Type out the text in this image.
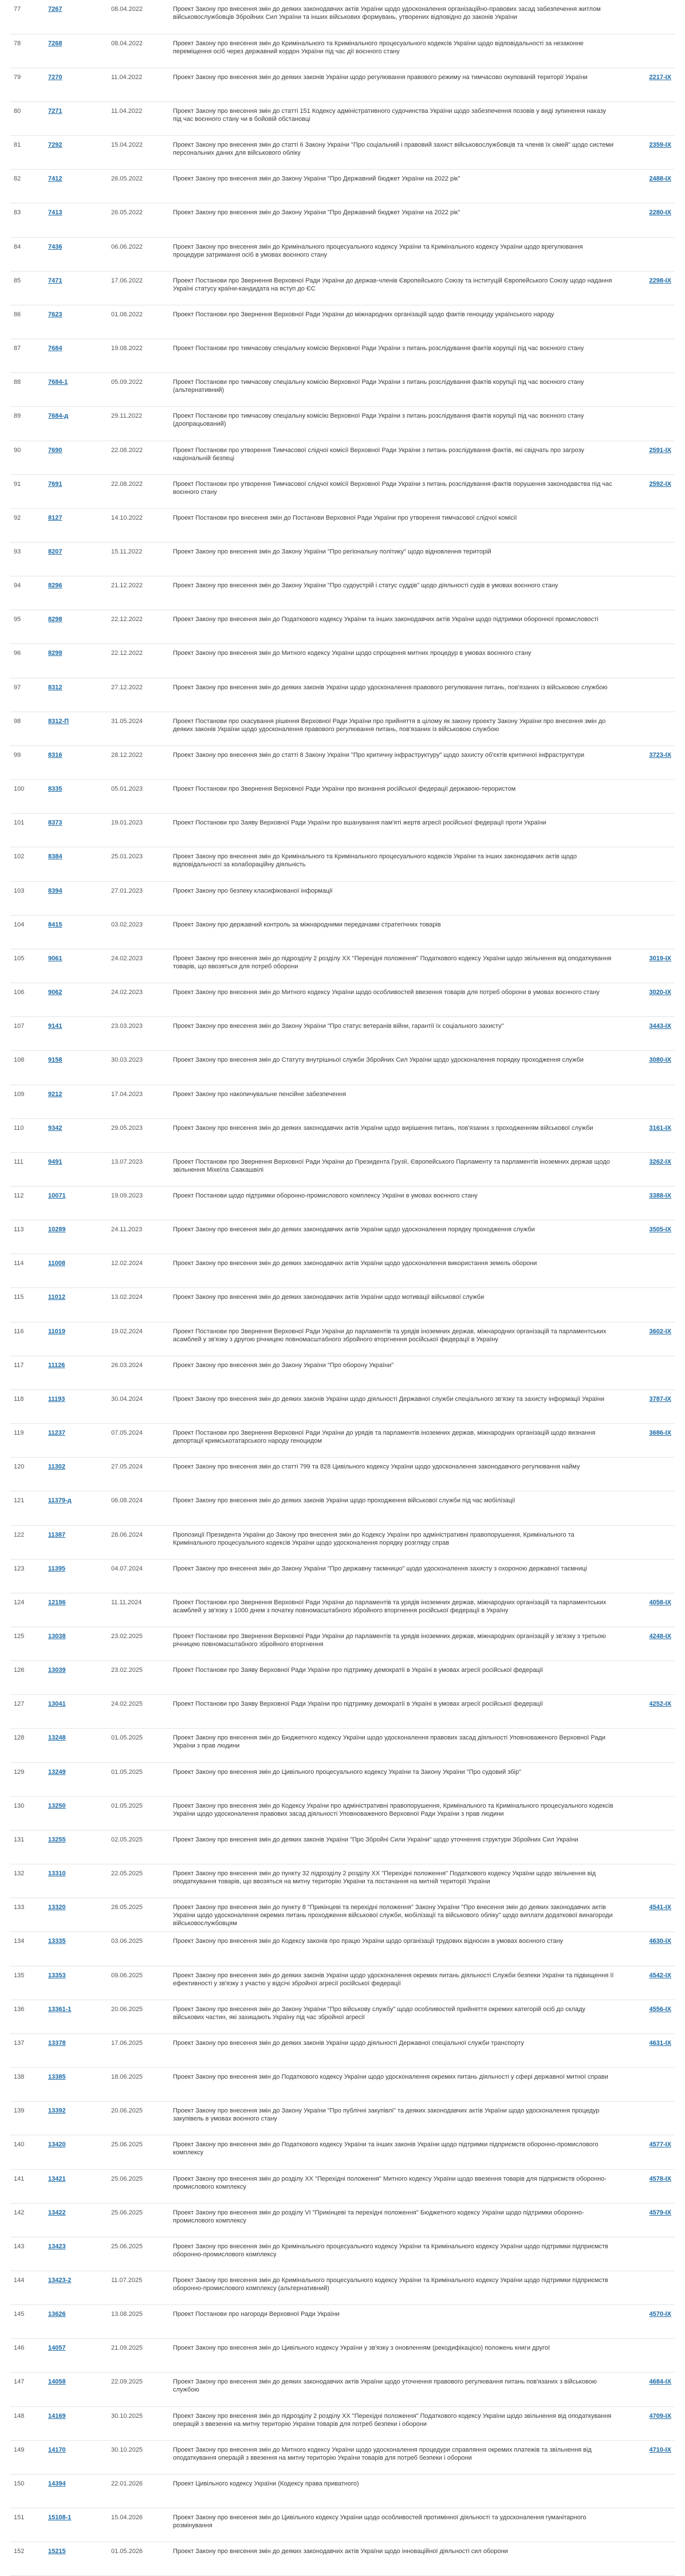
77	7267	08.04.2022	Проект Закону про внесення змін до деяких законодавчих актів України щодо удосконалення організаційно-правових засад забезпечення житлом військовослужбовців Збройних Сил України та інших військових формувань, утворених відповідно до законів України	
78	7268	08.04.2022	Проект Закону про внесення змін до Кримінального та Кримінального процесуального кодексів України щодо відповідальності за незаконне переміщення осіб через державний кордон України під час дії воєнного стану	
79	7270	11.04.2022	Проект Закону про внесення змін до деяких законів України щодо регулювання правового режиму на тимчасово окупованій території України	2217-IX
80	7271	11.04.2022	Проект Закону про внесення змін до статті 151 Кодексу адміністративного судочинства України щодо забезпечення позовів у виді зупинення наказу під час воєнного стану чи в бойовій обстановці	
81	7292	15.04.2022	Проект Закону про внесення змін до статті 6 Закону України "Про соціальний і правовий захист військовослужбовців та членів їх сімей" щодо системи персональних даних для військового обліку	2359-IX
82	7412	26.05.2022	Проект Закону про внесення змін до Закону України "Про Державний бюджет України на 2022 рік"	2488-IX
83	7413	26.05.2022	Проект Закону про внесення змін до Закону України "Про Державний бюджет України на 2022 рік"	2280-IX
84	7436	06.06.2022	Проект Закону про внесення змін до Кримінального процесуального кодексу України та Кримінального кодексу України щодо врегулювання процедури затримання осіб в умовах воєнного стану	
85	7471	17.06.2022	Проект Постанови про Звернення Верховної Ради України до держав-членів Європейського Союзу та інституцій Європейського Союзу щодо надання Україні статусу країни-кандидата на вступ до ЄС	2298-IX
86	7623	01.08.2022	Проект Постанови про Звернення Верховної Ради України до міжнародних організацій щодо фактів геноциду українського народу	
87	7684	19.08.2022	Проект Постанови про тимчасову спеціальну комісію Верховної Ради України з питань розслідування фактів корупції під час воєнного стану	
88	7684-1	05.09.2022	Проект Постанови про тимчасову спеціальну комісію Верховної Ради України з питань розслідування фактів корупції під час воєнного стану (альтернативний)	
89	7684-д	29.11.2022	Проект Постанови про тимчасову спеціальну комісію Верховної Ради України з питань розслідування фактів корупції під час воєнного стану (доопрацьований)	
90	7690	22.08.2022	Проект Постанови про утворення Тимчасової слідчої комісії Верховної Ради України з питань розслідування фактів, які свідчать про загрозу національній безпеці	2591-IX
91	7691	22.08.2022	Проект Постанови про утворення Тимчасової слідчої комісії Верховної Ради України з питань розслідування фактів порушення законодавства під час воєнного стану	2592-IX
92	8127	14.10.2022	Проект Постанови про внесення змін до Постанови Верховної Ради України про утворення тимчасової слідчої комісії	
93	8207	15.11.2022	Проект Закону про внесення змін до Закону України "Про регіональну політику" щодо відновлення територій	
94	8296	21.12.2022	Проект Закону про внесення змін до Закону України "Про судоустрій і статус суддів" щодо діяльності судів в умовах воєнного стану	
95	8298	22.12.2022	Проект Закону про внесення змін до Податкового кодексу України та інших законодавчих актів України щодо підтримки оборонної промисловості	
96	8299	22.12.2022	Проект Закону про внесення змін до Митного кодексу України щодо спрощення митних процедур в умовах воєнного стану	
97	8312	27.12.2022	Проект Закону про внесення змін до деяких законів України щодо удосконалення правового регулювання питань, пов'язаних із військовою службою	
98	8312-П	31.05.2024	Проект Постанови про скасування рішення Верховної Ради України про прийняття в цілому як закону проекту Закону України про внесення змін до деяких законів України щодо удосконалення правового регулювання питань, пов'язаних із військовою службою	
99	8316	28.12.2022	Проект Закону про внесення змін до статті 8 Закону України "Про критичну інфраструктуру" щодо захисту об'єктів критичної інфраструктури	3723-IX
100	8335	05.01.2023	Проект Постанови про Звернення Верховної Ради України про визнання російської федерації державою-терористом	
101	8373	19.01.2023	Проект Постанови про Заяву Верховної Ради України про вшанування пам'яті жертв агресії російської федерації проти України	
102	8384	25.01.2023	Проект Закону про внесення змін до Кримінального та Кримінального процесуального кодексів України та інших законодавчих актів щодо відповідальності за колабораційну діяльність	
103	8394	27.01.2023	Проект Закону про безпеку класифікованої інформації	
104	8415	03.02.2023	Проект Закону про державний контроль за міжнародними передачами стратегічних товарів	
105	9061	24.02.2023	Проект Закону про внесення змін до підрозділу 2 розділу XX "Перехідні положення" Податкового кодексу України щодо звільнення від оподаткування товарів, що ввозяться для потреб оборони	3019-IX
106	9062	24.02.2023	Проект Закону про внесення змін до Митного кодексу України щодо особливостей ввезення товарів для потреб оборони в умовах воєнного стану	3020-IX
107	9141	23.03.2023	Проект Закону про внесення змін до Закону України "Про статус ветеранів війни, гарантії їх соціального захисту"	3443-IX
108	9158	30.03.2023	Проект Закону про внесення змін до Статуту внутрішньої служби Збройних Сил України щодо удосконалення порядку проходження служби	3080-IX
109	9212	17.04.2023	Проект Закону про накопичувальне пенсійне забезпечення	
110	9342	29.05.2023	Проект Закону про внесення змін до деяких законодавчих актів України щодо вирішення питань, пов'язаних з проходженням військової служби	3161-IX
111	9491	13.07.2023	Проект Постанови про Звернення Верховної Ради України до Президента Грузії, Європейського Парламенту та парламентів іноземних держав щодо звільнення Міхеїла Саакашвілі	3262-IX
112	10071	19.09.2023	Проект Постанови щодо підтримки оборонно-промислового комплексу України в умовах воєнного стану	3388-IX
113	10289	24.11.2023	Проект Закону про внесення змін до деяких законодавчих актів України щодо удосконалення порядку проходження служби	3505-IX
114	11008	12.02.2024	Проект Закону про внесення змін до деяких законодавчих актів України щодо удосконалення використання земель оборони	
115	11012	13.02.2024	Проект Закону про внесення змін до деяких законодавчих актів України щодо мотивації військової служби	
116	11019	19.02.2024	Проект Постанови про Звернення Верховної Ради України до парламентів та урядів іноземних держав, міжнародних організацій та парламентських асамблей у зв'язку з другою річницею повномасштабного збройного вторгнення російської федерації в Україну	3602-IX
117	11126	26.03.2024	Проект Закону про внесення змін до Закону України "Про оборону України"	
118	11193	30.04.2024	Проект Закону про внесення змін до деяких законів України щодо діяльності Державної служби спеціального зв'язку та захисту інформації України	3787-IX
119	11237	07.05.2024	Проект Постанови про Звернення Верховної Ради України до урядів та парламентів іноземних держав, міжнародних організацій щодо визнання депортації кримськотатарського народу геноцидом	3686-IX
120	11302	27.05.2024	Проект Закону про внесення змін до статті 799 та 828 Цивільного кодексу України щодо удосконалення законодавчого регулювання найму	
121	11379-д	06.08.2024	Проект Закону про внесення змін до деяких законів України щодо проходження військової служби під час мобілізації	
122	11387	28.06.2024	Пропозиції Президента України до Закону про внесення змін до Кодексу України про адміністративні правопорушення, Кримінального та Кримінального процесуального кодексів України щодо удосконалення порядку розгляду справ	
123	11395	04.07.2024	Проект Закону про внесення змін до Закону України "Про державну таємницю" щодо удосконалення захисту з охороною державної таємниці	
124	12196	11.11.2024	Проект Постанови про Звернення Верховної Ради України до парламентів та урядів іноземних держав, міжнародних організацій та парламентських асамблей у зв'язку з 1000 днем з початку повномасштабного збройного вторгнення російської федерації в Україну	4058-IX
125	13038	23.02.2025	Проект Постанови про Звернення Верховної Ради України до парламентів та урядів іноземних держав, міжнародних організацій у зв'язку з третьою річницею повномасштабного збройного вторгнення	4248-IX
126	13039	23.02.2025	Проект Постанови про Заяву Верховної Ради України про підтримку демократії в Україні в умовах агресії російської федерації	
127	13041	24.02.2025	Проект Постанови про Заяву Верховної Ради України про підтримку демократії в Україні в умовах агресії російської федерації	4252-IX
128	13248	01.05.2025	Проект Закону про внесення змін до Бюджетного кодексу України щодо удосконалення правових засад діяльності Уповноваженого Верховної Ради України з прав людини	
129	13249	01.05.2025	Проект Закону про внесення змін до Цивільного процесуального кодексу України та Закону України "Про судовий збір"	
130	13250	01.05.2025	Проект Закону про внесення змін до Кодексу України про адміністративні правопорушення, Кримінального та Кримінального процесуального кодексів України щодо удосконалення правових засад діяльності Уповноваженого Верховної Ради України з прав людини	
131	13255	02.05.2025	Проект Закону про внесення змін до деяких законів України "Про Збройні Сили України" щодо уточнення структури Збройних Сил України	
132	13310	22.05.2025	Проект Закону про внесення змін до пункту 32 підрозділу 2 розділу XX "Перехідні положення" Податкового кодексу України щодо звільнення від оподаткування товарів, що ввозяться на митну територію України та постачання на митній території України	
133	13320	28.05.2025	Проект Закону про внесення змін до пункту 8 "Прикінцеві та перехідні положення" Закону України "Про внесення змін до деяких законодавчих актів України щодо удосконалення окремих питань проходження військової служби, мобілізації та військового обліку" щодо виплати додаткової винагороди військовослужбовцям	4541-IX
134	13335	03.06.2025	Проект Закону про внесення змін до Кодексу законів про працю України щодо організації трудових відносин в умовах воєнного стану	4630-IX
135	13353	09.06.2025	Проект Закону про внесення змін до деяких законів України щодо удосконалення окремих питань діяльності Служби безпеки України та підвищення її ефективності у зв'язку з участю у відсічі збройної агресії російської федерації	4542-IX
136	13361-1	20.06.2025	Проект Закону про внесення змін до Закону України "Про військову службу" щодо особливостей прийняття окремих категорій осіб до складу військових частин, які захищають Україну під час збройної агресії	4556-IX
137	13378	17.06.2025	Проект Закону про внесення змін до деяких законів України щодо діяльності Державної спеціальної служби транспорту	4631-IX
138	13385	18.06.2025	Проект Закону про внесення змін до Податкового кодексу України щодо удосконалення окремих питань діяльності у сфері державної митної справи	
139	13392	20.06.2025	Проект Закону про внесення змін до Закону України "Про публічні закупівлі" та деяких законодавчих актів України щодо удосконалення процедур закупівель в умовах воєнного стану	
140	13420	25.06.2025	Проект Закону про внесення змін до Податкового кодексу України та інших законів України щодо підтримки підприємств оборонно-промислового комплексу	4577-IX
141	13421	25.06.2025	Проект Закону про внесення змін до розділу XX "Перехідні положення" Митного кодексу України щодо ввезення товарів для підприємств оборонно-промислового комплексу	4578-IX
142	13422	25.06.2025	Проект Закону про внесення змін до розділу VI "Прикінцеві та перехідні положення" Бюджетного кодексу України щодо підтримки оборонно-промислового комплексу	4579-IX
143	13423	25.06.2025	Проект Закону про внесення змін до Кримінального процесуального кодексу України та Кримінального кодексу України щодо підтримки підприємств оборонно-промислового комплексу	
144	13423-2	11.07.2025	Проект Закону про внесення змін до Кримінального процесуального кодексу України та Кримінального кодексу України щодо підтримки підприємств оборонно-промислового комплексу (альтернативний)	
145	13626	13.08.2025	Проект Постанови про нагороди Верховної Ради України	4570-IX
146	14057	21.09.2025	Проект Закону про внесення змін до Цивільного кодексу України у зв'язку з оновленням (рекодифікацією) положень книги другої	
147	14058	22.09.2025	Проект Закону про внесення змін до деяких законодавчих актів України щодо уточнення правового регулювання питань пов'язаних з військовою службою	4684-IX
148	14169	30.10.2025	Проект Закону про внесення змін до підрозділу 2 розділу XX "Перехідні положення" Податкового кодексу України щодо звільнення від оподаткування операцій з ввезення на митну територію України товарів для потреб безпеки і оборони	4709-IX
149	14170	30.10.2025	Проект Закону про внесення змін до Митного кодексу України щодо удосконалення процедури справляння окремих платежів та звільнення від оподаткування операцій з ввезення на митну територію України товарів для потреб безпеки і оборони	4710-IX
150	14394	22.01.2026	Проект Цивільного кодексу України (Кодексу права приватного)	
151	15108-1	15.04.2026	Проект Закону про внесення змін до Цивільного кодексу України щодо особливостей протимінної діяльності та удосконалення гуманітарного розмінування	
152	15215	01.05.2026	Проект Закону про внесення змін до деяких законодавчих актів України щодо інноваційної діяльності сил оборони	
